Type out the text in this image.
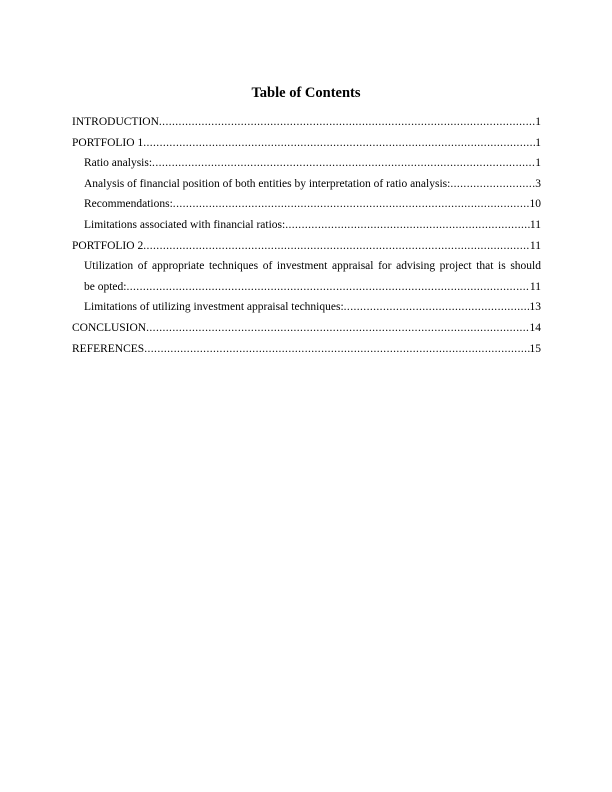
Table of Contents
INTRODUCTION .....	1
PORTFOLIO 1 .....	1
Ratio analysis: .....	1
Analysis of financial position of both entities by interpretation of ratio analysis: .....	3
Recommendations: .....	10
Limitations associated with financial ratios: .....	11
PORTFOLIO 2 .....	11
Utilization of appropriate techniques of investment appraisal for advising project that is should
be opted: .....	11
Limitations of utilizing investment appraisal techniques: .....	13
CONCLUSION .....	14
REFERENCES .....	15
